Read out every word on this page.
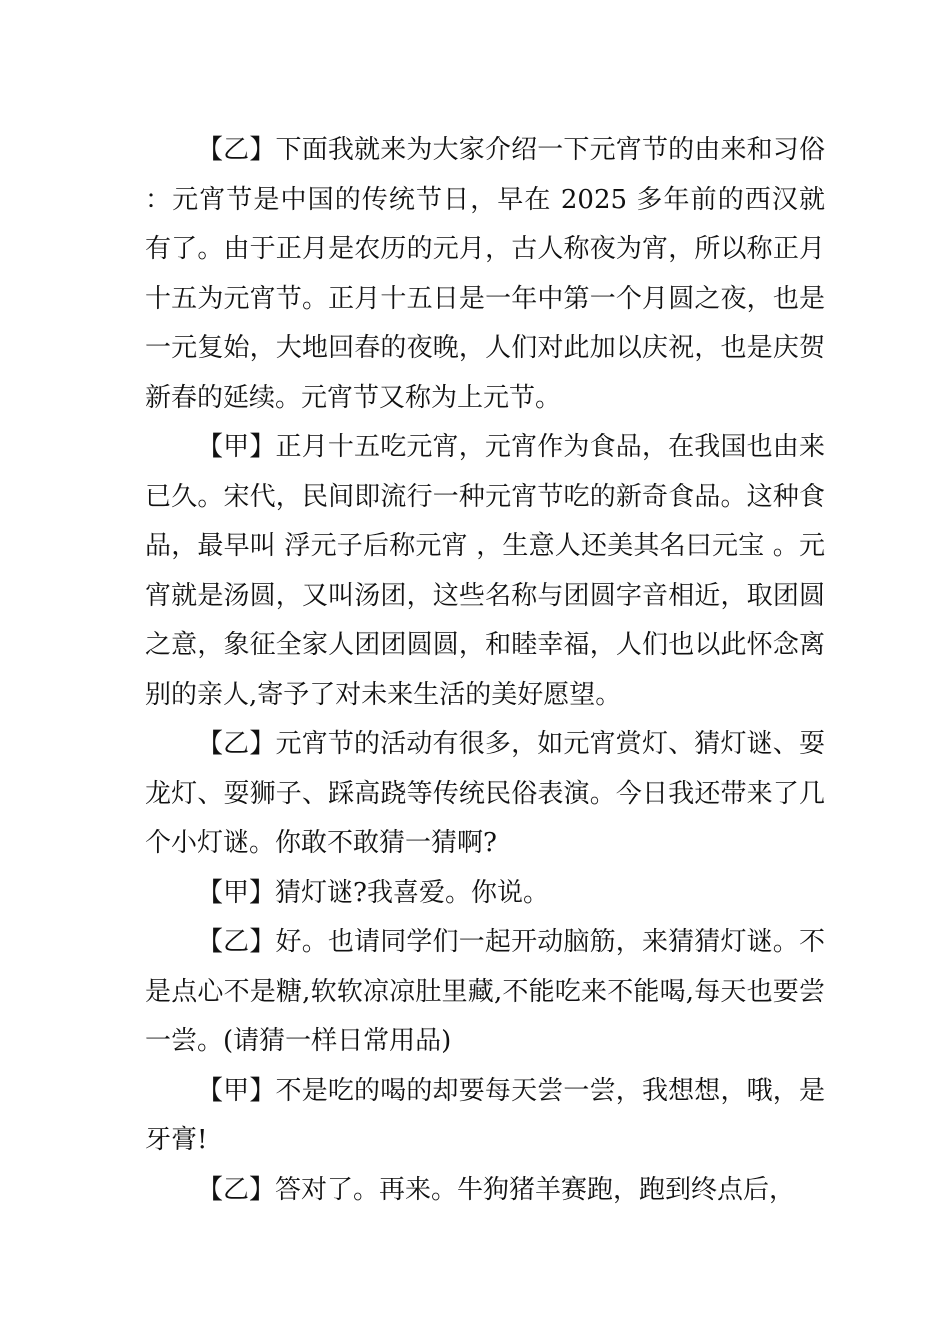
【乙】下面我就来为大家介绍一下元宵节的由来和习俗：元宵节是中国的传统节日，早在 2025 多年前的西汉就有了。由于正月是农历的元月，古人称夜为宵，所以称正月十五为元宵节。正月十五日是一年中第一个月圆之夜，也是一元复始，大地回春的夜晚，人们对此加以庆祝，也是庆贺新春的延续。元宵节又称为上元节。

【甲】正月十五吃元宵，元宵作为食品，在我国也由来已久。宋代，民间即流行一种元宵节吃的新奇食品。这种食品，最早叫 浮元子后称元宵 ，生意人还美其名曰元宝 。元宵就是汤圆，又叫汤团，这些名称与团圆字音相近，取团圆之意，象征全家人团团圆圆，和睦幸福，人们也以此怀念离别的亲人,寄予了对未来生活的美好愿望。

【乙】元宵节的活动有很多，如元宵赏灯、猜灯谜、耍龙灯、耍狮子、踩高跷等传统民俗表演。今日我还带来了几个小灯谜。你敢不敢猜一猜啊?

【甲】猜灯谜?我喜爱。你说。

【乙】好。也请同学们一起开动脑筋，来猜猜灯谜。不是点心不是糖,软软凉凉肚里藏,不能吃来不能喝,每天也要尝一尝。(请猜一样日常用品)

【甲】不是吃的喝的却要每天尝一尝，我想想，哦，是牙膏!

【乙】答对了。再来。牛狗猪羊赛跑，跑到终点后，
